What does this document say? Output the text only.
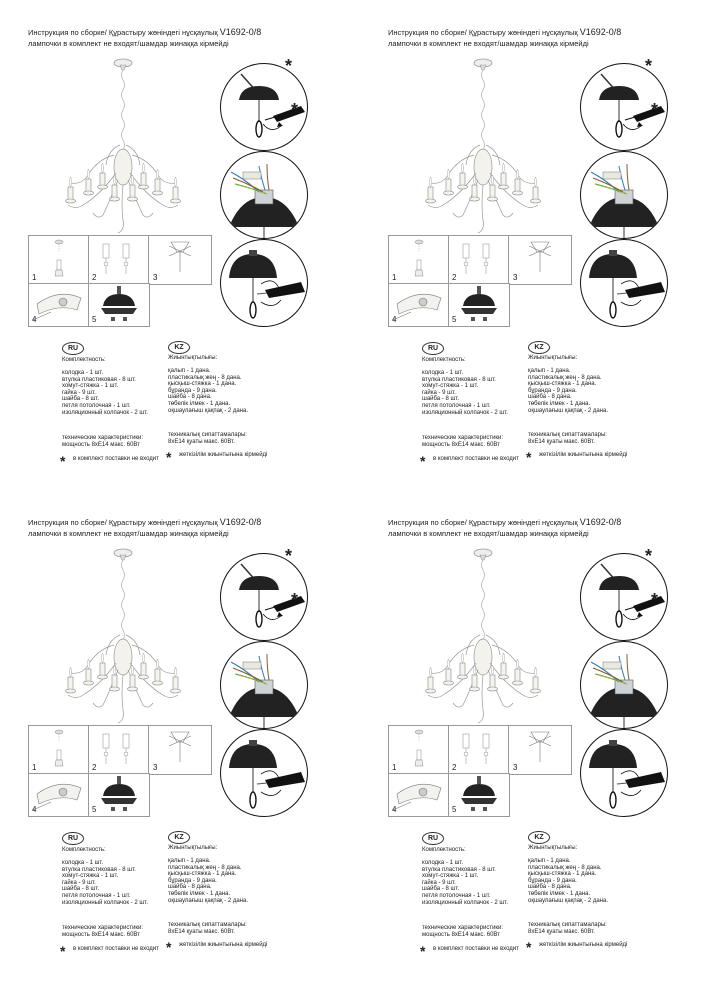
Инструкция по сборке/ Құрастыру жөніндегі нұсқаулық V1692-0/8
лампочки в комплект не входят/шамдар жинаққа кірмейді
*
*
1	2	3
4	5
RU
Комплектность:
колодка - 1 шт.
втулка пластиковая - 8 шт.
хомут-стяжка - 1 шт.
гайка - 9 шт.
шайба - 8 шт.
петля потолочная - 1 шт.
изоляционный колпачок - 2 шт.
технические характеристики:
мощность 8хЕ14 макс. 60Вт
* в комплект поставки не входит
KZ
Жиынтықтылығы:
қалып - 1 дана.
пластикалық жең - 8 дана.
қысқыш-стяжка - 1 дана.
бұранда - 9 дана.
шайба - 8 дана.
төбелік ілмек - 1 дана.
оқшаулағыш қақпақ - 2 дана.
техникалық сипаттамалары:
8хЕ14 қуаты макс. 60Вт.
* жеткізілім жиынтығына кірмейді
Инструкция по сборке/ Құрастыру жөніндегі нұсқаулық V1692-0/8
лампочки в комплект не входят/шамдар жинаққа кірмейді
*
*
1	2	3
4	5
RU
Комплектность:
колодка - 1 шт.
втулка пластиковая - 8 шт.
хомут-стяжка - 1 шт.
гайка - 9 шт.
шайба - 8 шт.
петля потолочная - 1 шт.
изоляционный колпачок - 2 шт.
технические характеристики:
мощность 8хЕ14 макс. 60Вт
* в комплект поставки не входит
KZ
Жиынтықтылығы:
қалып - 1 дана.
пластикалық жең - 8 дана.
қысқыш-стяжка - 1 дана.
бұранда - 9 дана.
шайба - 8 дана.
төбелік ілмек - 1 дана.
оқшаулағыш қақпақ - 2 дана.
техникалық сипаттамалары:
8хЕ14 қуаты макс. 60Вт.
* жеткізілім жиынтығына кірмейді
Инструкция по сборке/ Құрастыру жөніндегі нұсқаулық V1692-0/8
лампочки в комплект не входят/шамдар жинаққа кірмейді
*
*
1	2	3
4	5
RU
Комплектность:
колодка - 1 шт.
втулка пластиковая - 8 шт.
хомут-стяжка - 1 шт.
гайка - 9 шт.
шайба - 8 шт.
петля потолочная - 1 шт.
изоляционный колпачок - 2 шт.
технические характеристики:
мощность 8хЕ14 макс. 60Вт
* в комплект поставки не входит
KZ
Жиынтықтылығы:
қалып - 1 дана.
пластикалық жең - 8 дана.
қысқыш-стяжка - 1 дана.
бұранда - 9 дана.
шайба - 8 дана.
төбелік ілмек - 1 дана.
оқшаулағыш қақпақ - 2 дана.
техникалық сипаттамалары:
8хЕ14 қуаты макс. 60Вт.
* жеткізілім жиынтығына кірмейді
Инструкция по сборке/ Құрастыру жөніндегі нұсқаулық V1692-0/8
лампочки в комплект не входят/шамдар жинаққа кірмейді
*
*
1	2	3
4	5
RU
Комплектность:
колодка - 1 шт.
втулка пластиковая - 8 шт.
хомут-стяжка - 1 шт.
гайка - 9 шт.
шайба - 8 шт.
петля потолочная - 1 шт.
изоляционный колпачок - 2 шт.
технические характеристики:
мощность 8хЕ14 макс. 60Вт
* в комплект поставки не входит
KZ
Жиынтықтылығы:
қалып - 1 дана.
пластикалық жең - 8 дана.
қысқыш-стяжка - 1 дана.
бұранда - 9 дана.
шайба - 8 дана.
төбелік ілмек - 1 дана.
оқшаулағыш қақпақ - 2 дана.
техникалық сипаттамалары:
8хЕ14 қуаты макс. 60Вт.
* жеткізілім жиынтығына кірмейді
